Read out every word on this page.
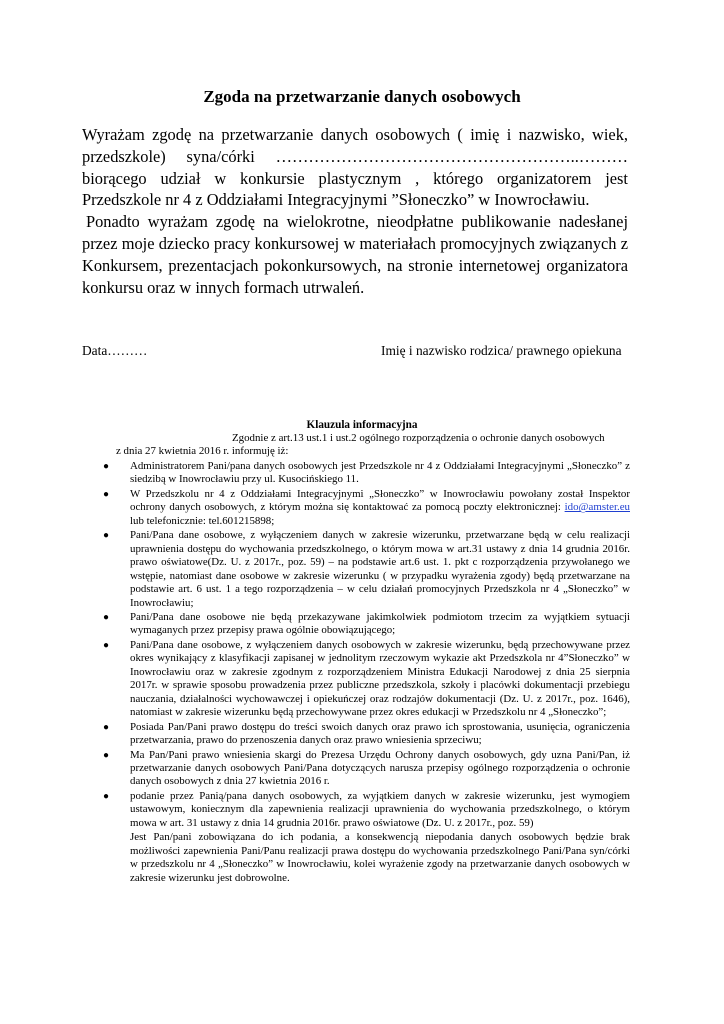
Zgoda na przetwarzanie danych osobowych

Wyrażam zgodę na przetwarzanie danych osobowych ( imię i nazwisko, wiek, przedszkole) syna/córki ………………………………………………..……… biorącego udział w konkursie plastycznym , którego organizatorem jest Przedszkole nr 4 z Oddziałami Integracyjnymi ”Słoneczko” w Inowrocławiu.

Ponadto wyrażam zgodę na wielokrotne, nieodpłatne publikowanie nadesłanej przez moje dziecko pracy konkursowej w materiałach promocyjnych związanych z Konkursem, prezentacjach pokonkursowych, na stronie internetowej organizatora konkursu oraz w innych formach utrwaleń.

Data………	Imię i nazwisko rodzica/ prawnego opiekuna
Klauzula informacyjna
Zgodnie z art.13 ust.1 i ust.2 ogólnego rozporządzenia o ochronie danych osobowych
z dnia 27 kwietnia 2016 r. informuję iż:
● Administratorem Pani/pana danych osobowych jest Przedszkole nr 4 z Oddziałami Integracyjnymi „Słoneczko” z siedzibą w Inowrocławiu przy ul. Kusocińskiego 11.
● W Przedszkolu nr 4 z Oddziałami Integracyjnymi „Słoneczko” w Inowrocławiu powołany został Inspektor ochrony danych osobowych, z którym można się kontaktować za pomocą poczty elektronicznej: ido@amster.eu lub telefonicznie: tel.601215898;
● Pani/Pana dane osobowe, z wyłączeniem danych w zakresie wizerunku, przetwarzane będą w celu realizacji uprawnienia dostępu do wychowania przedszkolnego, o którym mowa w art.31 ustawy z dnia 14 grudnia 2016r. prawo oświatowe(Dz. U. z 2017r., poz. 59) – na podstawie art.6 ust. 1. pkt c rozporządzenia przywołanego we wstępie, natomiast dane osobowe w zakresie wizerunku ( w przypadku wyrażenia zgody) będą przetwarzane na podstawie art. 6 ust. 1 a tego rozporządzenia – w celu działań promocyjnych Przedszkola nr 4 „Słoneczko” w Inowrocławiu;
● Pani/Pana dane osobowe nie będą przekazywane jakimkolwiek podmiotom trzecim za wyjątkiem sytuacji wymaganych przez przepisy prawa ogólnie obowiązującego;
● Pani/Pana dane osobowe, z wyłączeniem danych osobowych w zakresie wizerunku, będą przechowywane przez okres wynikający z klasyfikacji zapisanej w jednolitym rzeczowym wykazie akt Przedszkola nr 4”Słoneczko” w Inowrocławiu oraz w zakresie zgodnym z rozporządzeniem Ministra Edukacji Narodowej z dnia 25 sierpnia 2017r. w sprawie sposobu prowadzenia przez publiczne przedszkola, szkoły i placówki dokumentacji przebiegu nauczania, działalności wychowawczej i opiekuńczej oraz rodzajów dokumentacji (Dz. U. z 2017r., poz. 1646), natomiast w zakresie wizerunku będą przechowywane przez okres edukacji w Przedszkolu nr 4 „Słoneczko”;
● Posiada Pan/Pani prawo dostępu do treści swoich danych oraz prawo ich sprostowania, usunięcia, ograniczenia przetwarzania, prawo do przenoszenia danych oraz prawo wniesienia sprzeciwu;
● Ma Pan/Pani prawo wniesienia skargi do Prezesa Urzędu Ochrony danych osobowych, gdy uzna Pani/Pan, iż przetwarzanie danych osobowych Pani/Pana dotyczących narusza przepisy ogólnego rozporządzenia o ochronie danych osobowych z dnia 27 kwietnia 2016 r.
● podanie przez Panią/pana danych osobowych, za wyjątkiem danych w zakresie wizerunku, jest wymogiem ustawowym, koniecznym dla zapewnienia realizacji uprawnienia do wychowania przedszkolnego, o którym mowa w art. 31 ustawy z dnia 14 grudnia 2016r. prawo oświatowe (Dz. U. z 2017r., poz. 59)
Jest Pan/pani zobowiązana do ich podania, a konsekwencją niepodania danych osobowych będzie brak możliwości zapewnienia Pani/Panu realizacji prawa dostępu do wychowania przedszkolnego Pani/Pana syn/córki w przedszkolu nr 4 „Słoneczko” w Inowrocławiu, kolei wyrażenie zgody na przetwarzanie danych osobowych w zakresie wizerunku jest dobrowolne.
